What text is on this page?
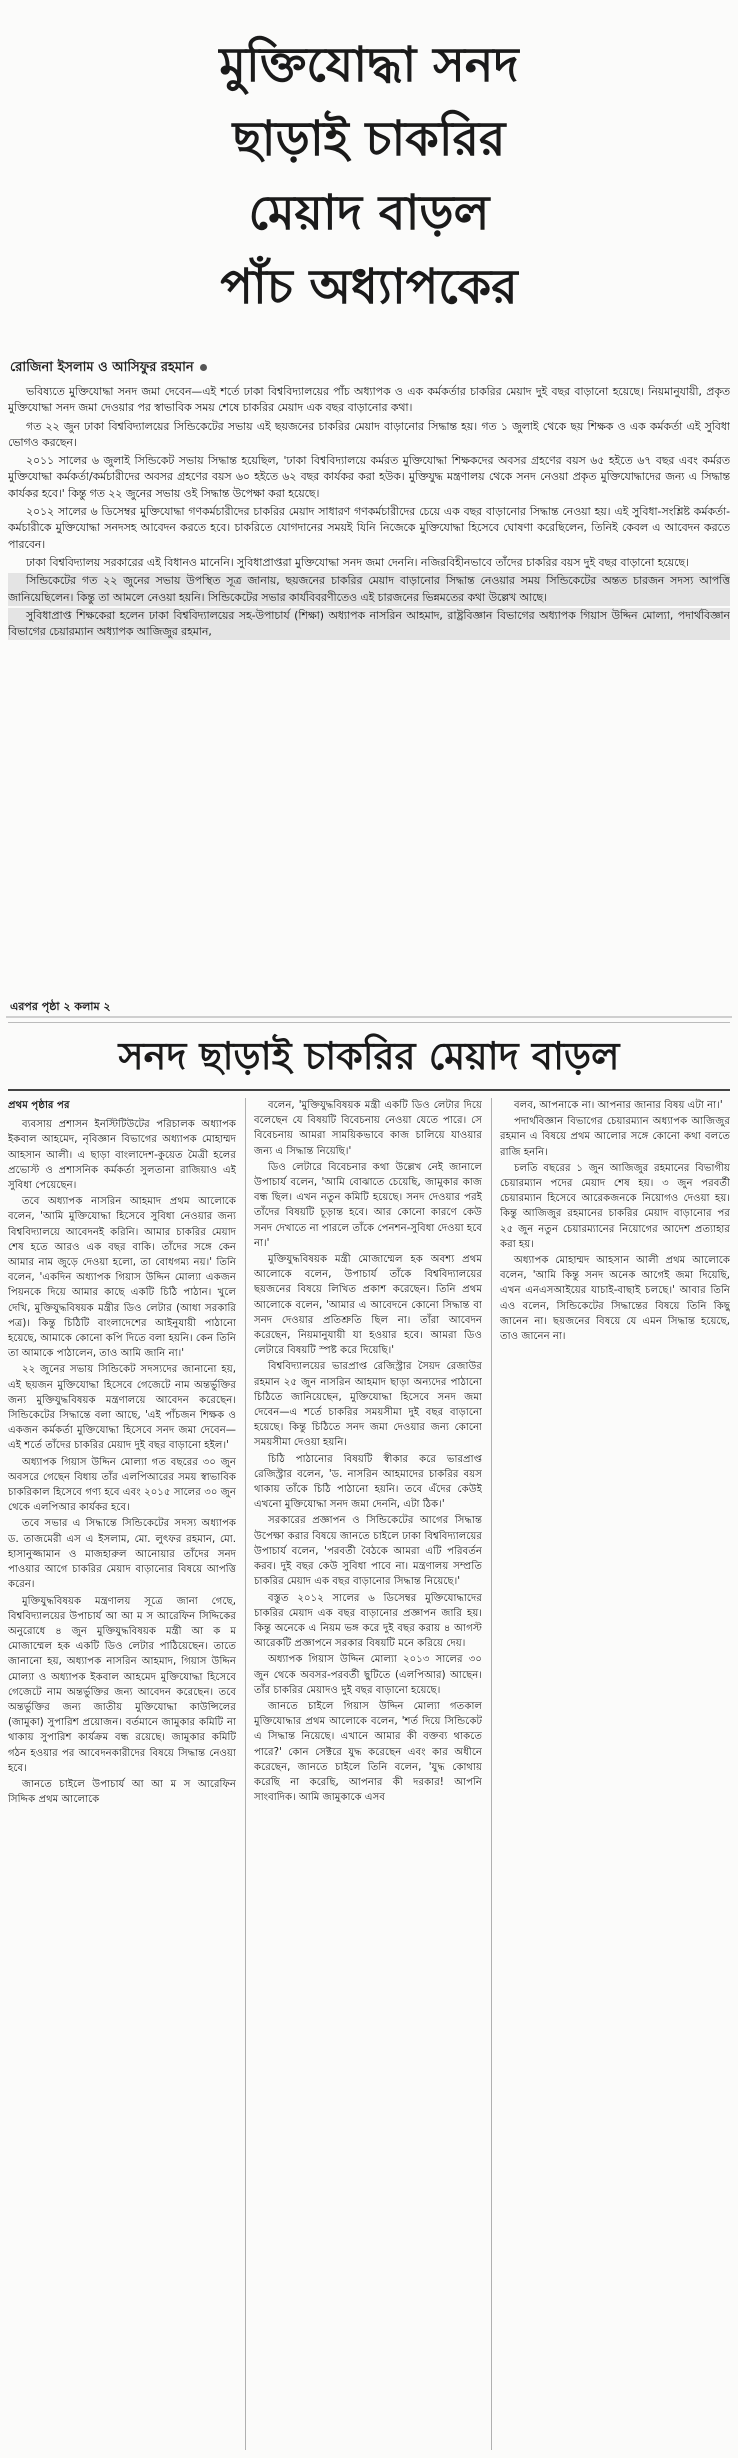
মুক্তিযোদ্ধা সনদ
ছাড়াই চাকরির
মেয়াদ বাড়ল
পাঁচ অধ্যাপকের
রোজিনা ইসলাম ও আসিফুর রহমান

ভবিষ্যতে মুক্তিযোদ্ধা সনদ জমা দেবেন—এই শর্তে ঢাকা বিশ্ববিদ্যালয়ের পাঁচ অধ্যাপক ও এক কর্মকর্তার চাকরির মেয়াদ দুই বছর বাড়ানো হয়েছে। নিয়মানুযায়ী, প্রকৃত মুক্তিযোদ্ধা সনদ জমা দেওয়ার পর স্বাভাবিক সময় শেষে চাকরির মেয়াদ এক বছর বাড়ানোর কথা।

গত ২২ জুন ঢাকা বিশ্ববিদ্যালয়ের সিন্ডিকেটের সভায় এই ছয়জনের চাকরির মেয়াদ বাড়ানোর সিদ্ধান্ত হয়। গত ১ জুলাই থেকে ছয় শিক্ষক ও এক কর্মকর্তা এই সুবিধা ভোগও করছেন।

২০১১ সালের ৬ জুলাই সিন্ডিকেট সভায় সিদ্ধান্ত হয়েছিল, 'ঢাকা বিশ্ববিদ্যালয়ে কর্মরত মুক্তিযোদ্ধা শিক্ষকদের অবসর গ্রহণের বয়স ৬৫ হইতে ৬৭ বছর এবং কর্মরত মুক্তিযোদ্ধা কর্মকর্তা/কর্মচারীদের অবসর গ্রহণের বয়স ৬০ হইতে ৬২ বছর কার্যকর করা হউক। মুক্তিযুদ্ধ মন্ত্রণালয় থেকে সনদ নেওয়া প্রকৃত মুক্তিযোদ্ধাদের জন্য এ সিদ্ধান্ত কার্যকর হবে।' কিন্তু গত ২২ জুনের সভায় ওই সিদ্ধান্ত উপেক্ষা করা হয়েছে।

২০১২ সালের ৬ ডিসেম্বর মুক্তিযোদ্ধা গণকর্মচারীদের চাকরির মেয়াদ সাধারণ গণকর্মচারীদের চেয়ে এক বছর বাড়ানোর সিদ্ধান্ত নেওয়া হয়। এই সুবিধা-সংশ্লিষ্ট কর্মকর্তা-কর্মচারীকে মুক্তিযোদ্ধা সনদসহ আবেদন করতে হবে। চাকরিতে যোগদানের সময়ই যিনি নিজেকে মুক্তিযোদ্ধা হিসেবে ঘোষণা করেছিলেন, তিনিই কেবল এ আবেদন করতে পারবেন।

ঢাকা বিশ্ববিদ্যালয় সরকারের এই বিধানও মানেনি। সুবিধাপ্রাপ্তরা মুক্তিযোদ্ধা সনদ জমা দেননি। নজিরবিহীনভাবে তাঁদের চাকরির বয়স দুই বছর বাড়ানো হয়েছে।

সিন্ডিকেটের গত ২২ জুনের সভায় উপস্থিত সূত্র জানায়, ছয়জনের চাকরির মেয়াদ বাড়ানোর সিদ্ধান্ত নেওয়ার সময় সিন্ডিকেটের অন্তত চারজন সদস্য আপত্তি জানিয়েছিলেন। কিন্তু তা আমলে নেওয়া হয়নি। সিন্ডিকেটের সভার কার্যবিবরণীতেও এই চারজনের ভিন্নমতের কথা উল্লেখ আছে।

সুবিধাপ্রাপ্ত শিক্ষকেরা হলেন ঢাকা বিশ্ববিদ্যালয়ের সহ-উপাচার্য (শিক্ষা) অধ্যাপক নাসরিন আহমাদ, রাষ্ট্রবিজ্ঞান বিভাগের অধ্যাপক গিয়াস উদ্দিন মোল্যা, পদার্থবিজ্ঞান বিভাগের চেয়ারম্যান অধ্যাপক আজিজুর রহমান,

এরপর পৃষ্ঠা ২ কলাম ২
সনদ ছাড়াই চাকরির মেয়াদ বাড়ল

প্রথম পৃষ্ঠার পর

ব্যবসায় প্রশাসন ইনস্টিটিউটের পরিচালক অধ্যাপক ইকবাল আহমেদ, নৃবিজ্ঞান বিভাগের অধ্যাপক মোহাম্মদ আহসান আলী। এ ছাড়া বাংলাদেশ-কুয়েত মৈত্রী হলের প্রভোস্ট ও প্রশাসনিক কর্মকর্তা সুলতানা রাজিয়াও এই সুবিধা পেয়েছেন।

তবে অধ্যাপক নাসরিন আহমাদ প্রথম আলোকে বলেন, 'আমি মুক্তিযোদ্ধা হিসেবে সুবিধা নেওয়ার জন্য বিশ্ববিদ্যালয়ে আবেদনই করিনি। আমার চাকরির মেয়াদ শেষ হতে আরও এক বছর বাকি। তাঁদের সঙ্গে কেন আমার নাম জুড়ে দেওয়া হলো, তা বোধগম্য নয়।' তিনি বলেন, 'একদিন অধ্যাপক গিয়াস উদ্দিন মোল্যা একজন পিয়নকে দিয়ে আমার কাছে একটি চিঠি পাঠান। খুলে দেখি, মুক্তিযুদ্ধবিষয়ক মন্ত্রীর ডিও লেটার (আধা সরকারি পত্র)। কিন্তু চিঠিটি বাংলাদেশের আইনুযায়ী পাঠানো হয়েছে, আমাকে কোনো কপি দিতে বলা হয়নি। কেন তিনি তা আমাকে পাঠালেন, তাও আমি জানি না।'

২২ জুনের সভায় সিন্ডিকেট সদস্যদের জানানো হয়, এই ছয়জন মুক্তিযোদ্ধা হিসেবে গেজেটে নাম অন্তর্ভুক্তির জন্য মুক্তিযুদ্ধবিষয়ক মন্ত্রণালয়ে আবেদন করেছেন। সিন্ডিকেটের সিদ্ধান্তে বলা আছে, 'এই পাঁচজন শিক্ষক ও একজন কর্মকর্তা মুক্তিযোদ্ধা হিসেবে সনদ জমা দেবেন—এই শর্তে তাঁদের চাকরির মেয়াদ দুই বছর বাড়ানো হইল।'

অধ্যাপক গিয়াস উদ্দিন মোল্যা গত বছরের ৩০ জুন অবসরে গেছেন বিধায় তাঁর এলপিআরের সময় স্বাভাবিক চাকরিকাল হিসেবে গণ্য হবে এবং ২০১৫ সালের ৩০ জুন থেকে এলপিআর কার্যকর হবে।

তবে সভার এ সিদ্ধান্তে সিন্ডিকেটের সদস্য অধ্যাপক ড. তাজমেরী এস এ ইসলাম, মো. লুৎফর রহমান, মো. হাসানুজ্জামান ও মাজহারুল আনোয়ার তাঁদের সনদ পাওয়ার আগে চাকরির মেয়াদ বাড়ানোর বিষয়ে আপত্তি করেন।

মুক্তিযুদ্ধবিষয়ক মন্ত্রণালয় সূত্রে জানা গেছে, বিশ্ববিদ্যালয়ের উপাচার্য আ আ ম স আরেফিন সিদ্দিকের অনুরোধে ৪ জুন মুক্তিযুদ্ধবিষয়ক মন্ত্রী আ ক ম মোজাম্মেল হক একটি ডিও লেটার পাঠিয়েছেন। তাতে জানানো হয়, অধ্যাপক নাসরিন আহমাদ, গিয়াস উদ্দিন মোল্যা ও অধ্যাপক ইকবাল আহমেদ মুক্তিযোদ্ধা হিসেবে গেজেটে নাম অন্তর্ভুক্তির জন্য আবেদন করেছেন। তবে অন্তর্ভুক্তির জন্য জাতীয় মুক্তিযোদ্ধা কাউন্সিলের (জামুকা) সুপারিশ প্রয়োজন। বর্তমানে জামুকার কমিটি না থাকায় সুপারিশ কার্যক্রম বন্ধ রয়েছে। জামুকার কমিটি গঠন হওয়ার পর আবেদনকারীদের বিষয়ে সিদ্ধান্ত নেওয়া হবে।

জানতে চাইলে উপাচার্য আ আ ম স আরেফিন সিদ্দিক প্রথম আলোকে

বলেন, 'মুক্তিযুদ্ধবিষয়ক মন্ত্রী একটি ডিও লেটার দিয়ে বলেছেন যে বিষয়টি বিবেচনায় নেওয়া যেতে পারে। সে বিবেচনায় আমরা সাময়িকভাবে কাজ চালিয়ে যাওয়ার জন্য এ সিদ্ধান্ত নিয়েছি।'

ডিও লেটারে বিবেচনার কথা উল্লেখ নেই জানালে উপাচার্য বলেন, 'আমি বোঝাতে চেয়েছি, জামুকার কাজ বন্ধ ছিল। এখন নতুন কমিটি হয়েছে। সনদ দেওয়ার পরই তাঁদের বিষয়টি চূড়ান্ত হবে। আর কোনো কারণে কেউ সনদ দেখাতে না পারলে তাঁকে পেনশন-সুবিধা দেওয়া হবে না।'

মুক্তিযুদ্ধবিষয়ক মন্ত্রী মোজাম্মেল হক অবশ্য প্রথম আলোকে বলেন, উপাচার্য তাঁকে বিশ্ববিদ্যালয়ের ছয়জনের বিষয়ে লিখিত প্রকাশ করেছেন। তিনি প্রথম আলোকে বলেন, 'আমার এ আবেদনে কোনো সিদ্ধান্ত বা সনদ দেওয়ার প্রতিশ্রুতি ছিল না। তাঁরা আবেদন করেছেন, নিয়মানুযায়ী যা হওয়ার হবে। আমরা ডিও লেটারে বিষয়টি স্পষ্ট করে দিয়েছি।'

বিশ্ববিদ্যালয়ের ভারপ্রাপ্ত রেজিস্ট্রার সৈয়দ রেজাউর রহমান ২৫ জুন নাসরিন আহমাদ ছাড়া অন্যদের পাঠানো চিঠিতে জানিয়েছেন, মুক্তিযোদ্ধা হিসেবে সনদ জমা দেবেন—এ শর্তে চাকরির সময়সীমা দুই বছর বাড়ানো হয়েছে। কিন্তু চিঠিতে সনদ জমা দেওয়ার জন্য কোনো সময়সীমা দেওয়া হয়নি।

চিঠি পাঠানোর বিষয়টি স্বীকার করে ভারপ্রাপ্ত রেজিস্ট্রার বলেন, 'ড. নাসরিন আহমাদের চাকরির বয়স থাকায় তাঁকে চিঠি পাঠানো হয়নি। তবে এঁদের কেউই এখনো মুক্তিযোদ্ধা সনদ জমা দেননি, এটা ঠিক।'

সরকারের প্রজ্ঞাপন ও সিন্ডিকেটের আগের সিদ্ধান্ত উপেক্ষা করার বিষয়ে জানতে চাইলে ঢাকা বিশ্ববিদ্যালয়ের উপাচার্য বলেন, 'পরবর্তী বৈঠকে আমরা এটি পরিবর্তন করব। দুই বছর কেউ সুবিধা পাবে না। মন্ত্রণালয় সম্প্রতি চাকরির মেয়াদ এক বছর বাড়ানোর সিদ্ধান্ত নিয়েছে।'

বস্তুত ২০১২ সালের ৬ ডিসেম্বর মুক্তিযোদ্ধাদের চাকরির মেয়াদ এক বছর বাড়ানোর প্রজ্ঞাপন জারি হয়। কিন্তু অনেকে এ নিয়ম ভঙ্গ করে দুই বছর করায় ৪ আগস্ট আরেকটি প্রজ্ঞাপনে সরকার বিষয়টি মনে করিয়ে দেয়।

অধ্যাপক গিয়াস উদ্দিন মোল্যা ২০১৩ সালের ৩০ জুন থেকে অবসর-পরবর্তী ছুটিতে (এলপিআর) আছেন। তাঁর চাকরির মেয়াদও দুই বছর বাড়ানো হয়েছে।

জানতে চাইলে গিয়াস উদ্দিন মোল্যা গতকাল মুক্তিযোদ্ধার প্রথম আলোকে বলেন, 'শর্ত দিয়ে সিন্ডিকেট এ সিদ্ধান্ত নিয়েছে। এখানে আমার কী বক্তব্য থাকতে পারে?' কোন সেক্টরে যুদ্ধ করেছেন এবং কার অধীনে করেছেন, জানতে চাইলে তিনি বলেন, 'যুদ্ধ কোথায় করেছি না করেছি, আপনার কী দরকার! আপনি সাংবাদিক। আমি জামুকাকে এসব

বলব, আপনাকে না। আপনার জানার বিষয় এটা না।'

পদার্থবিজ্ঞান বিভাগের চেয়ারম্যান অধ্যাপক আজিজুর রহমান এ বিষয়ে প্রথম আলোর সঙ্গে কোনো কথা বলতে রাজি হননি।

চলতি বছরের ১ জুন আজিজুর রহমানের বিভাগীয় চেয়ারম্যান পদের মেয়াদ শেষ হয়। ৩ জুন পরবর্তী চেয়ারম্যান হিসেবে আরেকজনকে নিয়োগও দেওয়া হয়। কিন্তু আজিজুর রহমানের চাকরির মেয়াদ বাড়ানোর পর ২৫ জুন নতুন চেয়ারম্যানের নিয়োগের আদেশ প্রত্যাহার করা হয়।

অধ্যাপক মোহাম্মদ আহসান আলী প্রথম আলোকে বলেন, 'আমি কিন্তু সনদ অনেক আগেই জমা দিয়েছি, এখন এনএসআইয়ের যাচাই-বাছাই চলছে।' আবার তিনি এও বলেন, সিন্ডিকেটের সিদ্ধান্তের বিষয়ে তিনি কিছু জানেন না। ছয়জনের বিষয়ে যে এমন সিদ্ধান্ত হয়েছে, তাও জানেন না।
